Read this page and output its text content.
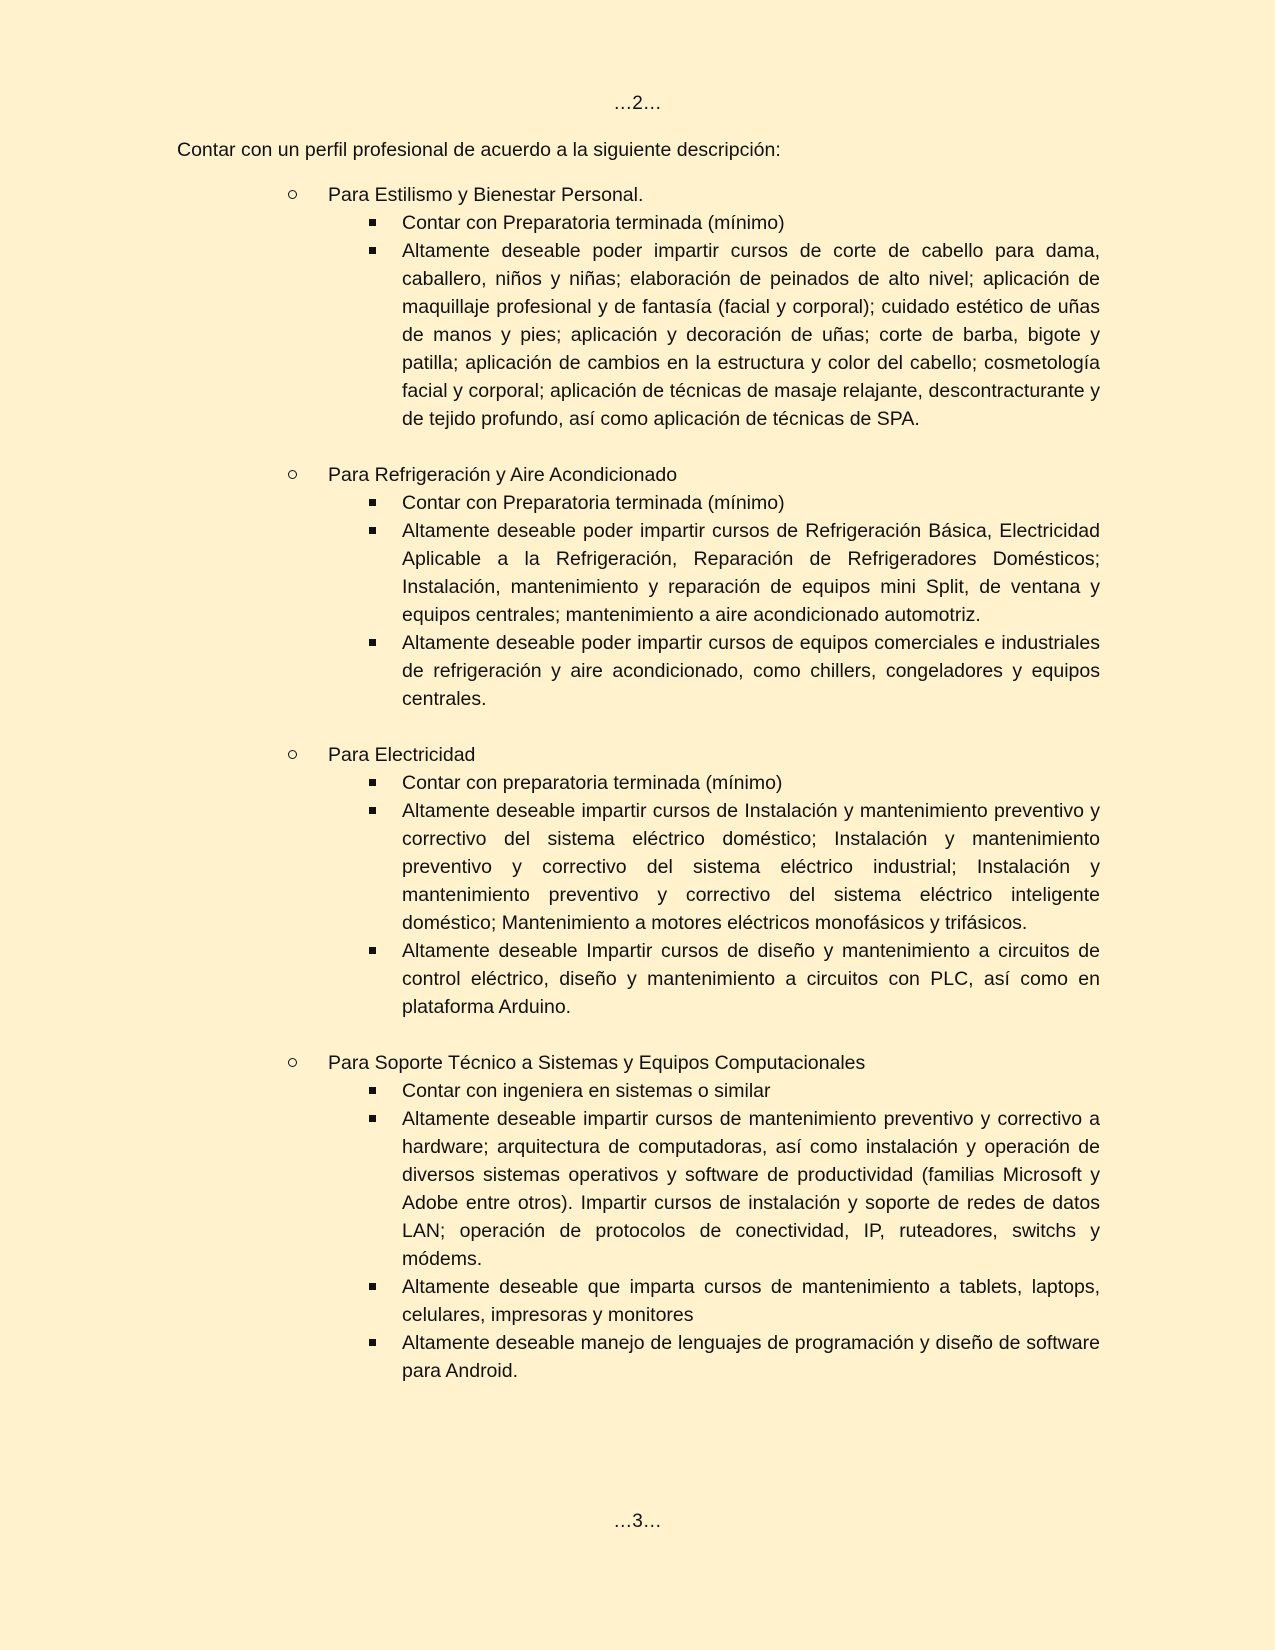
…2…
Contar con un perfil profesional de acuerdo a la siguiente descripción:
Para Estilismo y Bienestar Personal.
Contar con Preparatoria terminada (mínimo)
Altamente deseable poder impartir cursos de corte de cabello para dama, caballero, niños y niñas; elaboración de peinados de alto nivel; aplicación de maquillaje profesional y de fantasía (facial y corporal); cuidado estético de uñas de manos y pies; aplicación y decoración de uñas; corte de barba, bigote y patilla; aplicación de cambios en la estructura y color del cabello; cosmetología facial y corporal; aplicación de técnicas de masaje relajante, descontracturante y de tejido profundo, así como aplicación de técnicas de SPA.
Para Refrigeración y Aire Acondicionado
Contar con Preparatoria terminada (mínimo)
Altamente deseable poder impartir cursos de Refrigeración Básica, Electricidad Aplicable a la Refrigeración, Reparación de Refrigeradores Domésticos; Instalación, mantenimiento y reparación de equipos mini Split, de ventana y equipos centrales; mantenimiento a aire acondicionado automotriz.
Altamente deseable poder impartir cursos de equipos comerciales e industriales de refrigeración y aire acondicionado, como chillers, congeladores y equipos centrales.
Para Electricidad
Contar con preparatoria terminada (mínimo)
Altamente deseable impartir cursos de Instalación y mantenimiento preventivo y correctivo del sistema eléctrico doméstico; Instalación y mantenimiento preventivo y correctivo del sistema eléctrico industrial; Instalación y mantenimiento preventivo y correctivo del sistema eléctrico inteligente doméstico; Mantenimiento a motores eléctricos monofásicos y trifásicos.
Altamente deseable Impartir cursos de diseño y mantenimiento a circuitos de control eléctrico, diseño y mantenimiento a circuitos con PLC, así como en plataforma Arduino.
Para Soporte Técnico a Sistemas y Equipos Computacionales
Contar con ingeniera en sistemas o similar
Altamente deseable impartir cursos de mantenimiento preventivo y correctivo a hardware; arquitectura de computadoras, así como instalación y operación de diversos sistemas operativos y software de productividad (familias Microsoft y Adobe entre otros). Impartir cursos de instalación y soporte de redes de datos LAN; operación de protocolos de conectividad, IP, ruteadores, switchs y módems.
Altamente deseable que imparta cursos de mantenimiento a tablets, laptops, celulares, impresoras y monitores
Altamente deseable manejo de lenguajes de programación y diseño de software para Android.
…3…
